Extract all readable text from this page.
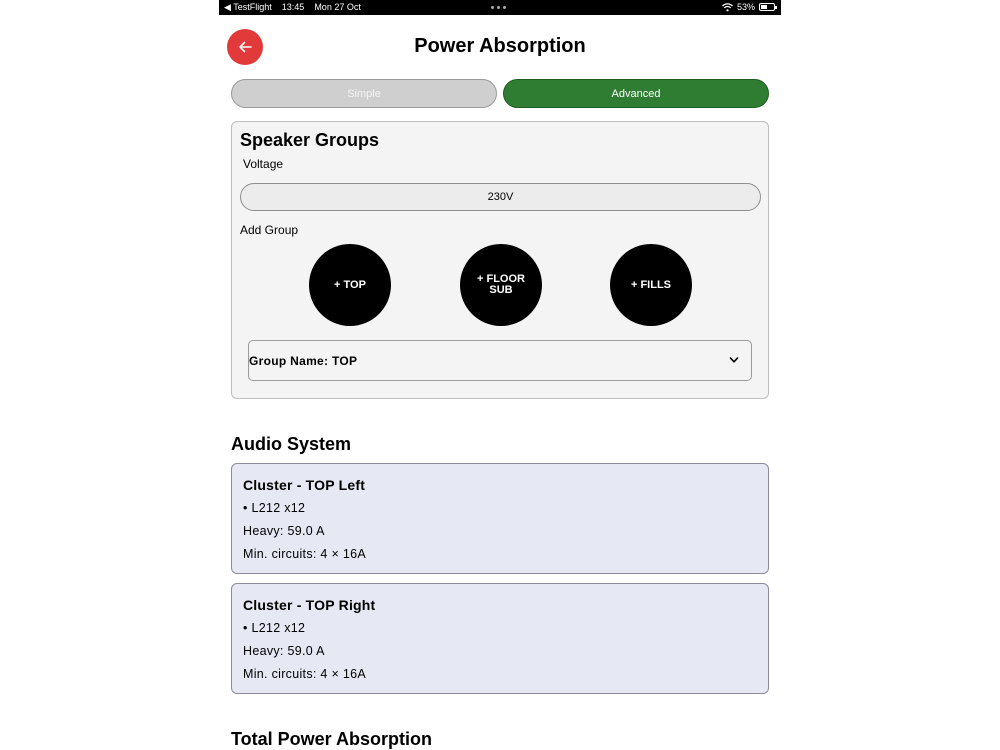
◀ TestFlight 13:45 Mon 27 Oct	53%
Power Absorption
Simple	Advanced
Speaker Groups
Voltage
230V
Add Group
+ TOP	+ FLOOR SUB	+ FILLS
Group Name: TOP
Audio System
Cluster - TOP Left
• L212 x12
Heavy: 59.0 A
Min. circuits: 4 × 16A
Cluster - TOP Right
• L212 x12
Heavy: 59.0 A
Min. circuits: 4 × 16A
Total Power Absorption
